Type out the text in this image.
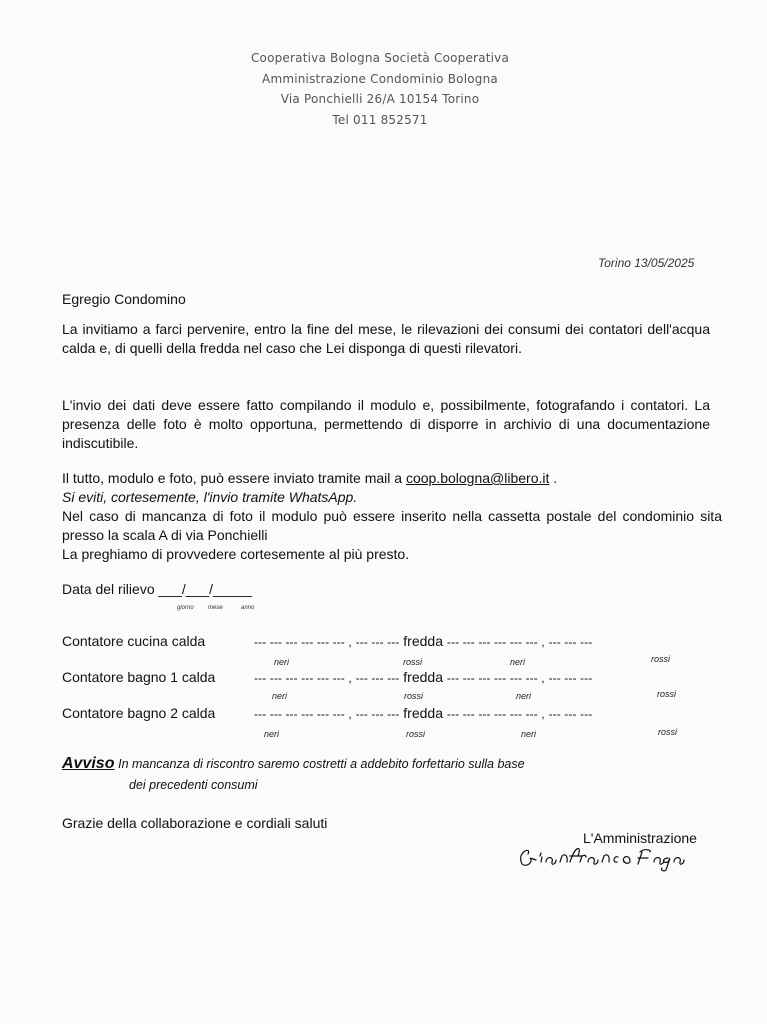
Cooperativa Bologna Società Cooperativa
Amministrazione Condominio Bologna
Via Ponchielli 26/A 10154 Torino
Tel 011 852571
Torino 13/05/2025
Egregio Condomino

La invitiamo a farci pervenire, entro la fine del mese, le rilevazioni dei consumi dei contatori dell'acqua calda e, di quelli della fredda nel caso che Lei disponga di questi rilevatori.

L'invio dei dati deve essere fatto compilando il modulo e, possibilmente, fotografando i contatori. La presenza delle foto è molto opportuna, permettendo di disporre in archivio di una documentazione indiscutibile.

Il tutto, modulo e foto, può essere inviato tramite mail a coop.bologna@libero.it .
Si eviti, cortesemente, l'invio tramite WhatsApp.
Nel caso di mancanza di foto il modulo può essere inserito nella cassetta postale del condominio sita presso la scala A di via Ponchielli
La preghiamo di provvedere cortesemente al più presto.
Data del rilievo ___/___/_____
giorno mese	anno
Contatore cucina calda	--- --- --- --- --- --- , --- --- --- fredda --- --- --- --- --- --- , --- --- ---
neri	rossi	neri	rossi
Contatore bagno 1 calda	--- --- --- --- --- --- , --- --- --- fredda --- --- --- --- --- --- , --- --- ---
neri	rossi	neri	rossi
Contatore bagno 2 calda	--- --- --- --- --- --- , --- --- --- fredda --- --- --- --- --- --- , --- --- ---
neri	rossi	neri	rossi
Avviso In mancanza di riscontro saremo costretti a addebito forfettario sulla base
dei precedenti consumi
Grazie della collaborazione e cordiali saluti
L'Amministrazione
